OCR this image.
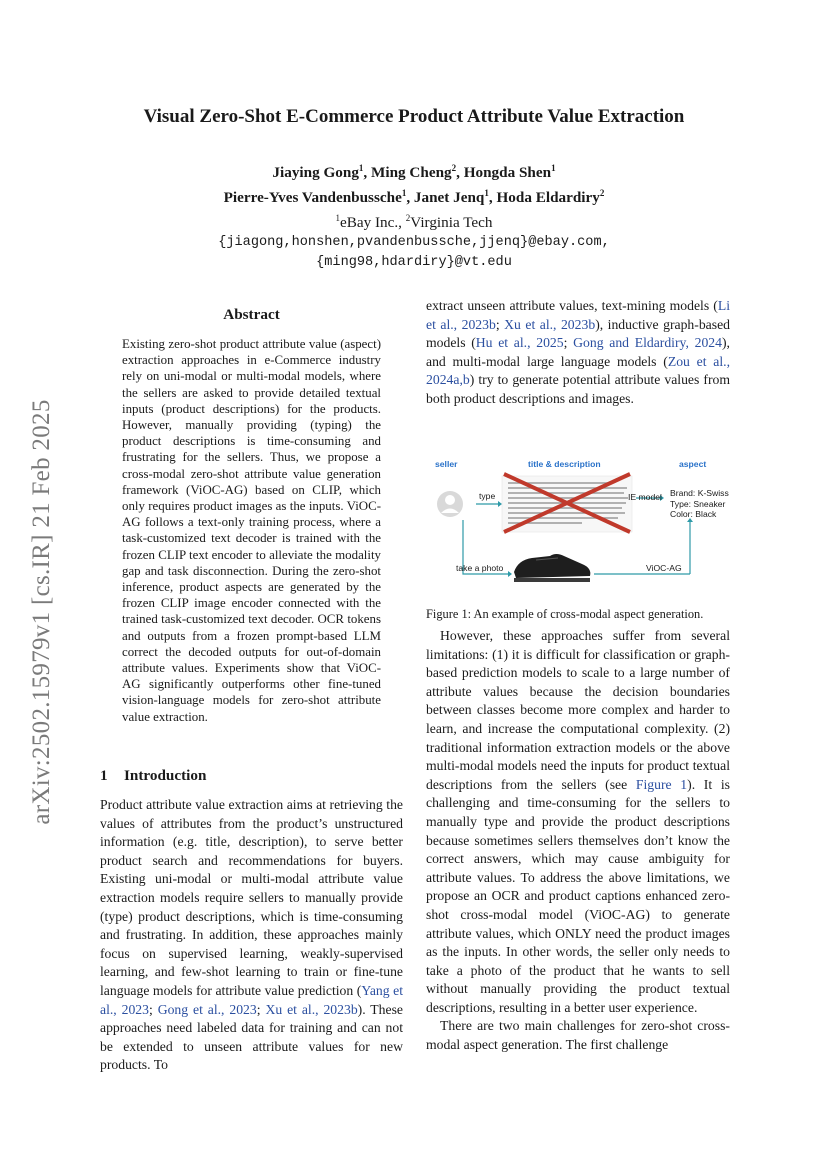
arXiv:2502.15979v1 [cs.IR] 21 Feb 2025
Visual Zero-Shot E-Commerce Product Attribute Value Extraction
Jiaying Gong$^1$, Ming Cheng$^2$, Hongda Shen$^1$
Pierre-Yves Vandenbussche$^1$, Janet Jenq$^1$, Hoda Eldardiry$^2$
$^1$eBay Inc., $^2$Virginia Tech
{jiagong,honshen,pvandenbussche,jjenq}@ebay.com,
{ming98,hdardiry}@vt.edu
Abstract
Existing zero-shot product attribute value (aspect) extraction approaches in e-Commerce industry rely on uni-modal or multi-modal models, where the sellers are asked to provide detailed textual inputs (product descriptions) for the products. However, manually providing (typing) the product descriptions is time-consuming and frustrating for the sellers. Thus, we propose a cross-modal zero-shot attribute value generation framework (ViOC-AG) based on CLIP, which only requires product images as the inputs. ViOC-AG follows a text-only training process, where a task-customized text decoder is trained with the frozen CLIP text encoder to alleviate the modality gap and task disconnection. During the zero-shot inference, product aspects are generated by the frozen CLIP image encoder connected with the trained task-customized text decoder. OCR tokens and outputs from a frozen prompt-based LLM correct the decoded outputs for out-of-domain attribute values. Experiments show that ViOC-AG significantly outperforms other fine-tuned vision-language models for zero-shot attribute value extraction.
1 Introduction

Product attribute value extraction aims at retrieving the values of attributes from the product’s unstructured information (e.g. title, description), to serve better product search and recommendations for buyers. Existing uni-modal or multi-modal attribute value extraction models require sellers to manually provide (type) product descriptions, which is time-consuming and frustrating. In addition, these approaches mainly focus on supervised learning, weakly-supervised learning, and few-shot learning to train or fine-tune language models for attribute value prediction (Yang et al., 2023; Gong et al., 2023; Xu et al., 2023b). These approaches need labeled data for training and can not be extended to unseen attribute values for new products. To

extract unseen attribute values, text-mining models (Li et al., 2023b; Xu et al., 2023b), inductive graph-based models (Hu et al., 2025; Gong and Eldardiry, 2024), and multi-modal large language models (Zou et al., 2024a,b) try to generate potential attribute values from both product descriptions and images.

seller	title & description	aspect
type	IE model Brand: K-Swiss
Type: Sneaker
Color: Black
take a photo	ViOC-AG
Figure 1: An example of cross-modal aspect generation.

However, these approaches suffer from several limitations: (1) it is difficult for classification or graph-based prediction models to scale to a large number of attribute values because the decision boundaries between classes become more complex and harder to learn, and increase the computational complexity. (2) traditional information extraction models or the above multi-modal models need the inputs for product textual descriptions from the sellers (see Figure 1). It is challenging and time-consuming for the sellers to manually type and provide the product descriptions because sometimes sellers themselves don’t know the correct answers, which may cause ambiguity for attribute values. To address the above limitations, we propose an OCR and product captions enhanced zero-shot cross-modal model (ViOC-AG) to generate attribute values, which ONLY need the product images as the inputs. In other words, the seller only needs to take a photo of the product that he wants to sell without manually providing the product textual descriptions, resulting in a better user experience.

There are two main challenges for zero-shot cross-modal aspect generation. The first challenge
